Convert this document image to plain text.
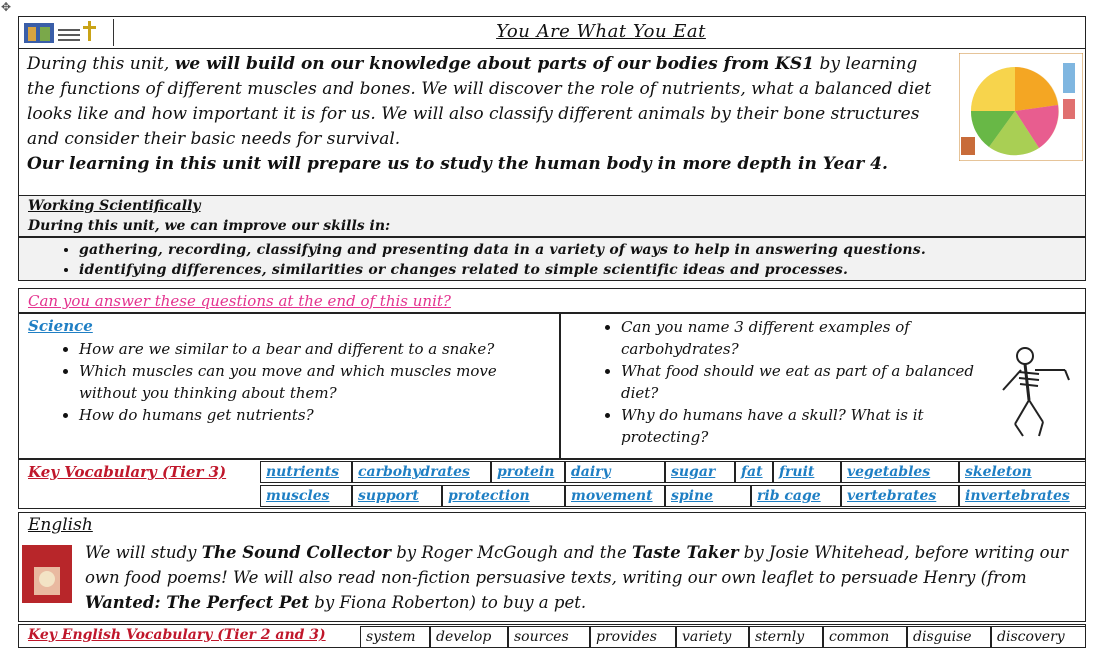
✥
You Are What You Eat
During this unit, we will build on our knowledge about parts of our bodies from KS1 by learning the functions of different muscles and bones. We will discover the role of nutrients, what a balanced diet looks like and how important it is for us. We will also classify different animals by their bone structures and consider their basic needs for survival.
Our learning in this unit will prepare us to study the human body in more depth in Year 4.
Working Scientifically
During this unit, we can improve our skills in:
• gathering, recording, classifying and presenting data in a variety of ways to help in answering questions.
• identifying differences, similarities or changes related to simple scientific ideas and processes.
Can you answer these questions at the end of this unit?
Science
• How are we similar to a bear and different to a snake?
• Which muscles can you move and which muscles move without you thinking about them?
• How do humans get nutrients?
• Can you name 3 different examples of carbohydrates?
• What food should we eat as part of a balanced diet?
• Why do humans have a skull? What is it protecting?
Key Vocabulary (Tier 3)	nutrients	carbohydrates	protein	dairy	sugar	fat	fruit	vegetables	skeleton
muscles	support	protection	movement	spine	rib cage	vertebrates	invertebrates
English
We will study The Sound Collector by Roger McGough and the Taste Taker by Josie Whitehead, before writing our own food poems! We will also read non-fiction persuasive texts, writing our own leaflet to persuade Henry (from Wanted: The Perfect Pet by Fiona Roberton) to buy a pet.
Key English Vocabulary (Tier 2 and 3)	system	develop	sources	provides	variety	sternly	common	disguise	discovery
